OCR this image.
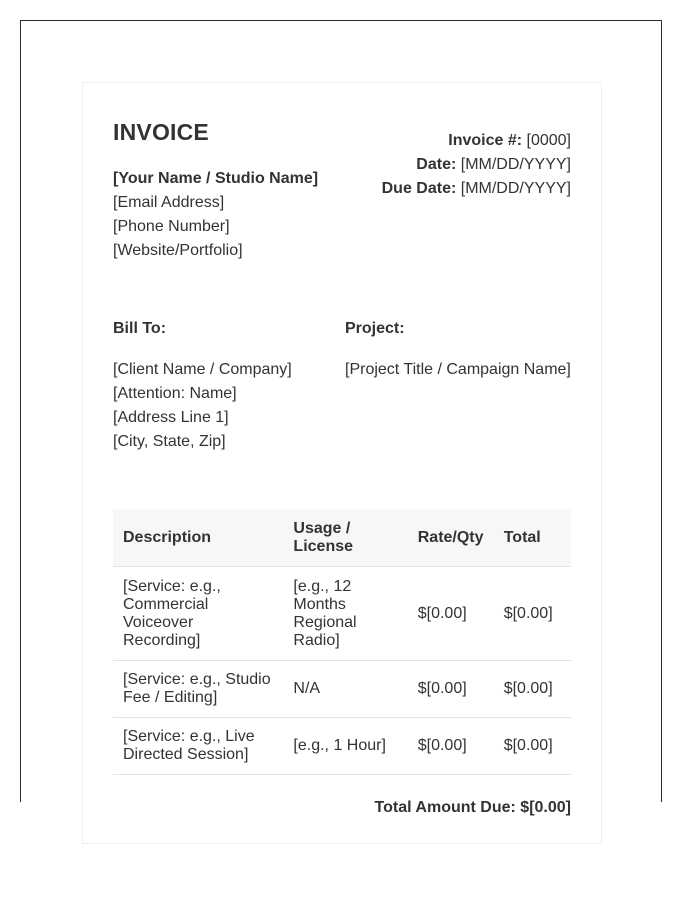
INVOICE
[Your Name / Studio Name]
[Email Address]
[Phone Number]
[Website/Portfolio]
Invoice #: [0000]
Date: [MM/DD/YYYY]
Due Date: [MM/DD/YYYY]
Bill To:
[Client Name / Company]
[Attention: Name]
[Address Line 1]
[City, State, Zip]
Project:
[Project Title / Campaign Name]
Description	Usage / License	Rate/Qty	Total
[Service: e.g., Commercial Voiceover Recording]	[e.g., 12 Months Regional Radio]	$[0.00]	$[0.00]
[Service: e.g., Studio Fee / Editing]	N/A	$[0.00]	$[0.00]
[Service: e.g., Live Directed Session]	[e.g., 1 Hour]	$[0.00]	$[0.00]
Total Amount Due: $[0.00]
